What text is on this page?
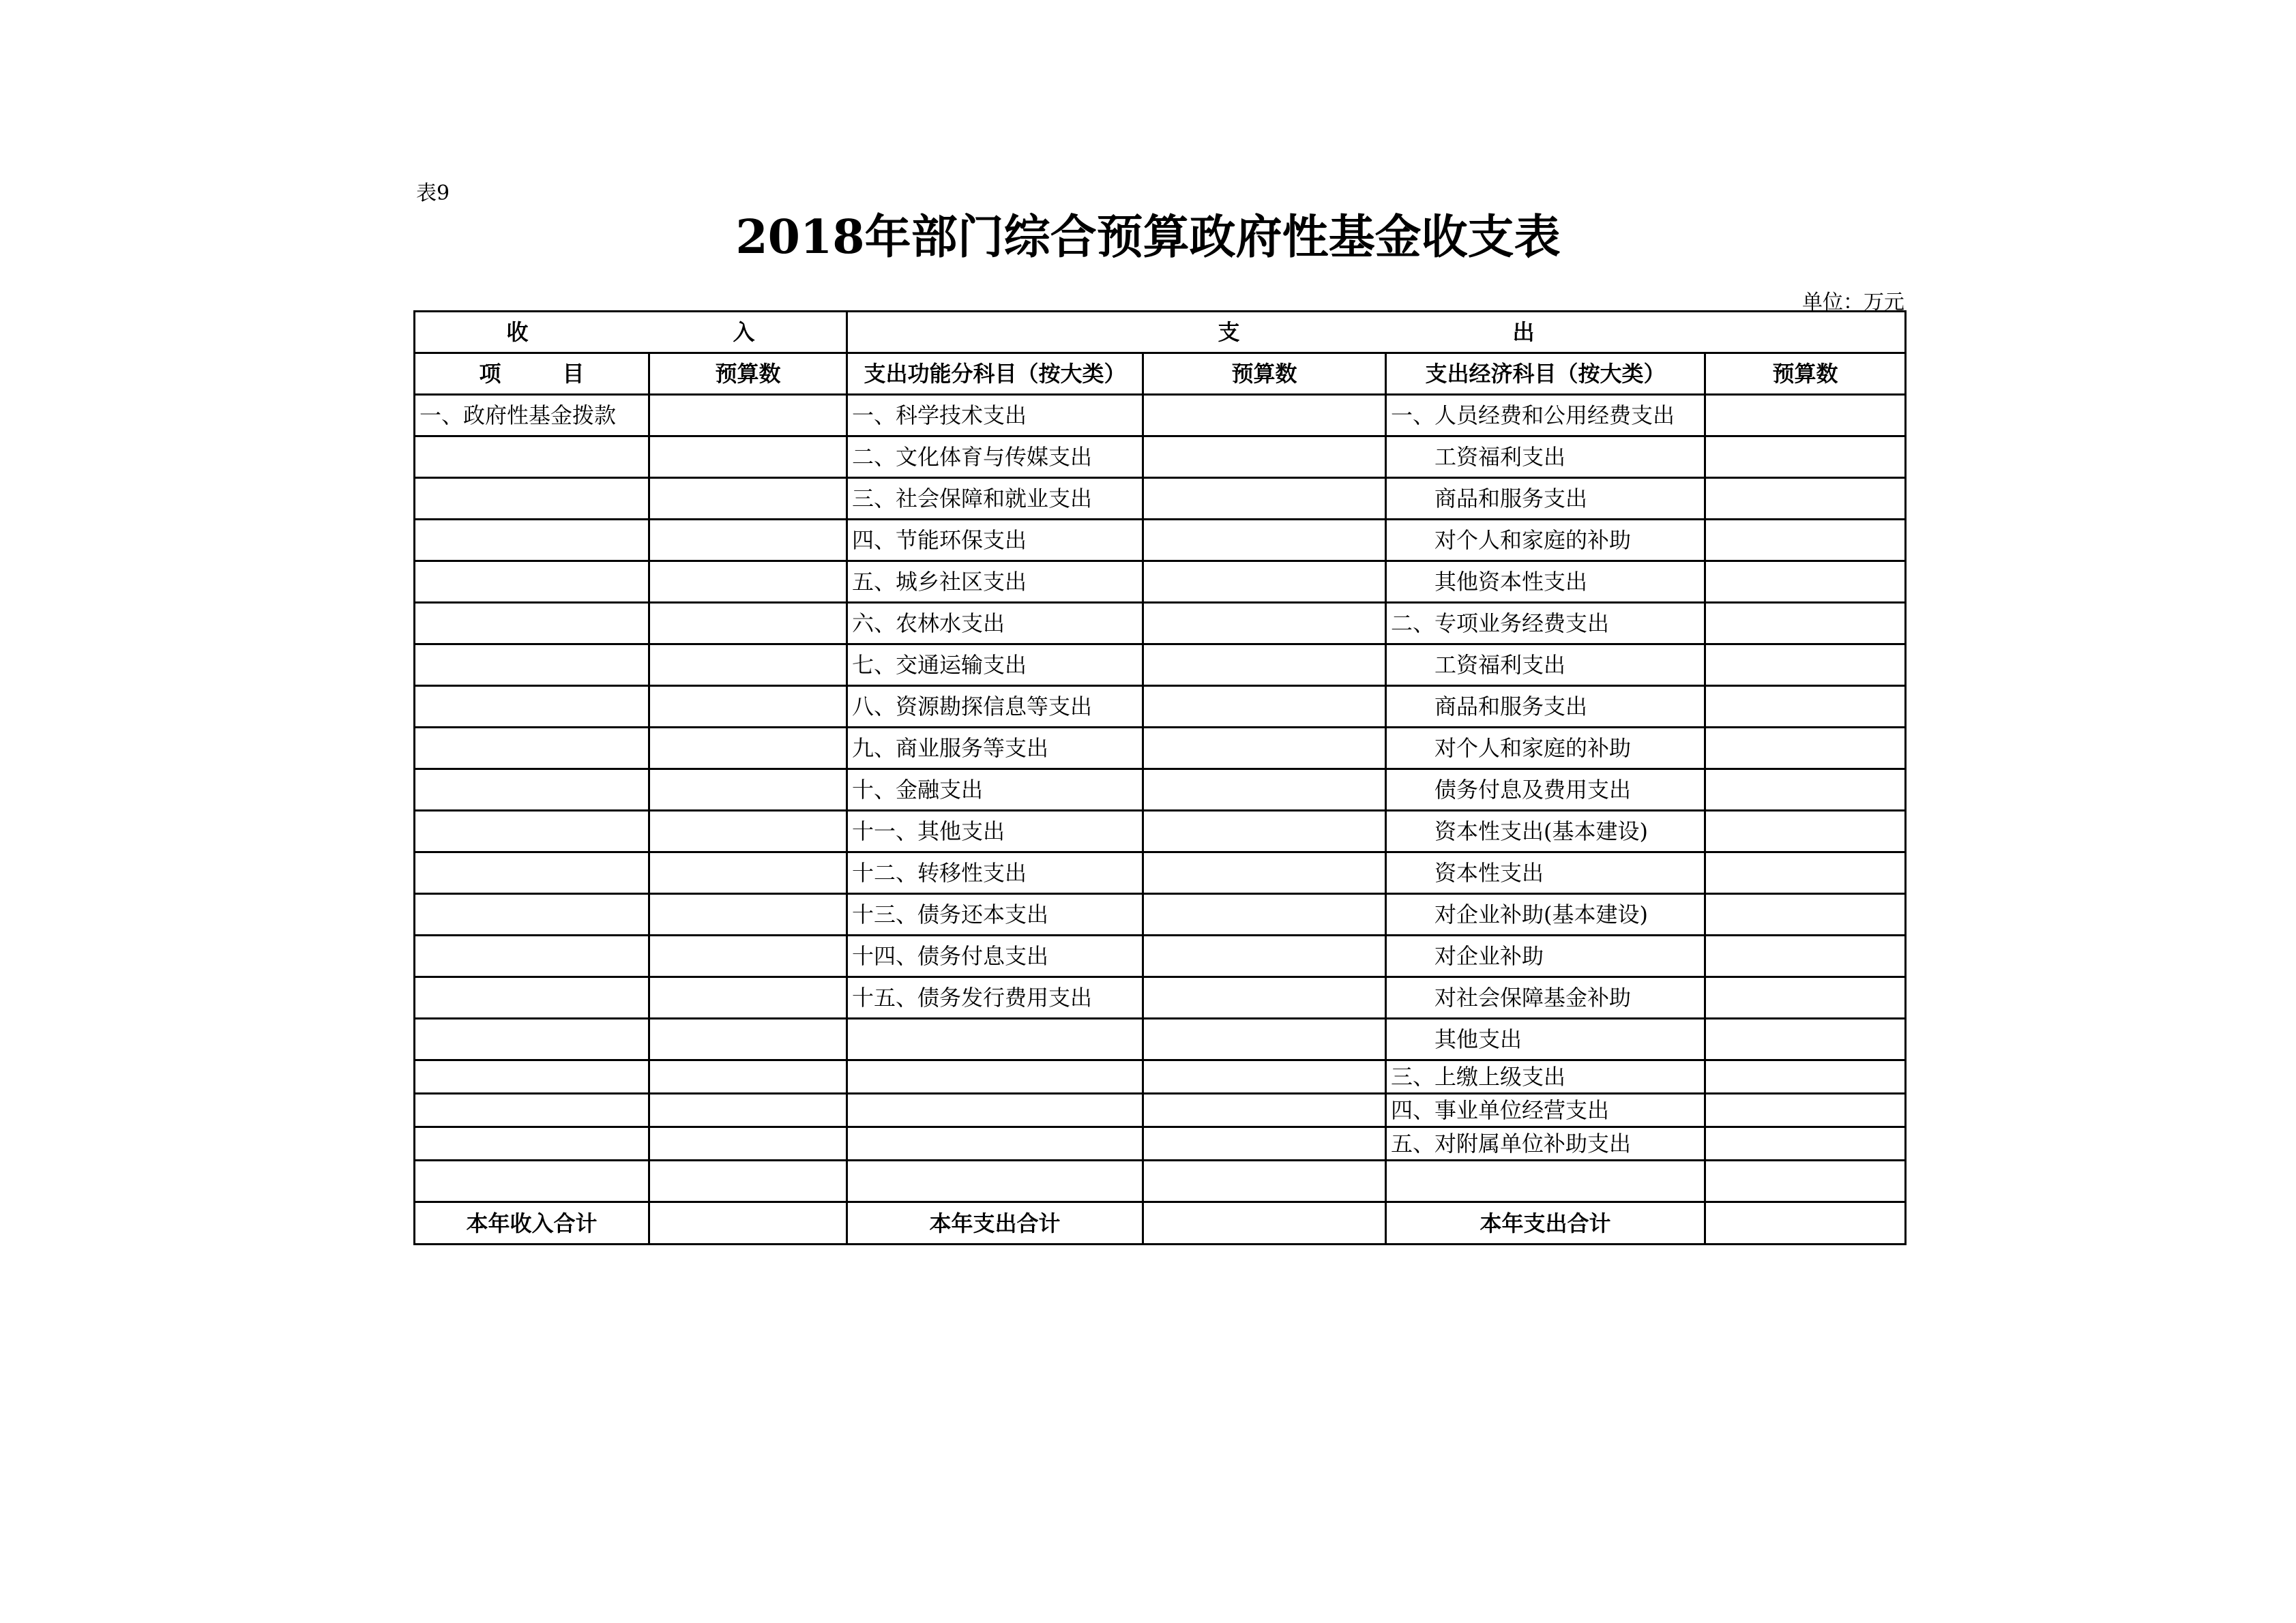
表9
2018年部门综合预算政府性基金收支表
单位：万元
收 入		支 出			
项 目	预算数	支出功能分科目（按大类）	预算数	支出经济科目（按大类）	预算数
一、政府性基金拨款		一、科学技术支出		一、人员经费和公用经费支出	
		二、文化体育与传媒支出		工资福利支出	
		三、社会保障和就业支出		商品和服务支出	
		四、节能环保支出		对个人和家庭的补助	
		五、城乡社区支出		其他资本性支出	
		六、农林水支出		二、专项业务经费支出	
		七、交通运输支出		工资福利支出	
		八、资源勘探信息等支出		商品和服务支出	
		九、商业服务等支出		对个人和家庭的补助	
		十、金融支出		债务付息及费用支出	
		十一、其他支出		资本性支出(基本建设)	
		十二、转移性支出		资本性支出	
		十三、债务还本支出		对企业补助(基本建设)	
		十四、债务付息支出		对企业补助	
		十五、债务发行费用支出		对社会保障基金补助	
				其他支出	
				三、上缴上级支出	
				四、事业单位经营支出	
				五、对附属单位补助支出	

本年收入合计		本年支出合计		本年支出合计	
